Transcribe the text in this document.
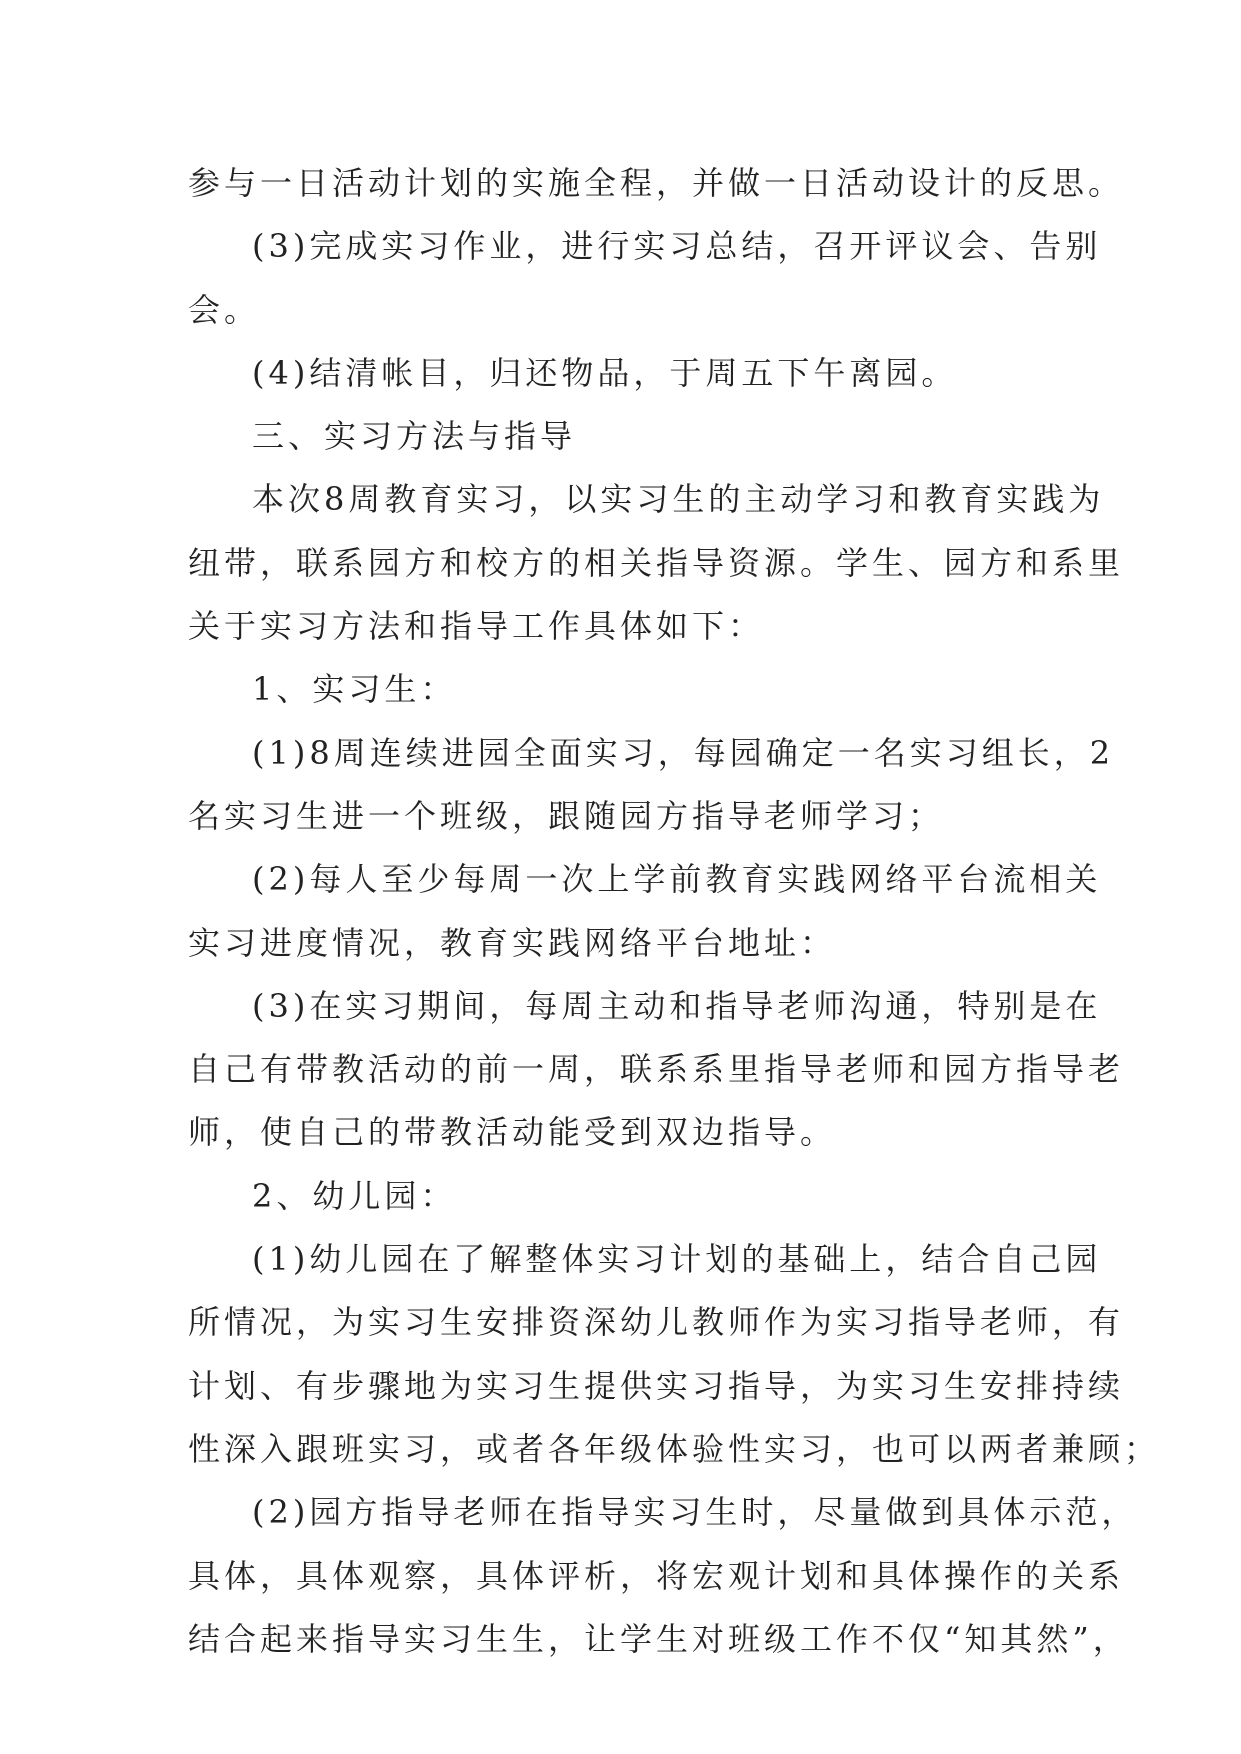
参与一日活动计划的实施全程，并做一日活动设计的反思。
(3)完成实习作业，进行实习总结，召开评议会、告别
会。
(4)结清帐目，归还物品，于周五下午离园。
三、实习方法与指导
本次8周教育实习，以实习生的主动学习和教育实践为
纽带，联系园方和校方的相关指导资源。学生、园方和系里
关于实习方法和指导工作具体如下：
1、实习生：
(1)8周连续进园全面实习，每园确定一名实习组长，2
名实习生进一个班级，跟随园方指导老师学习；
(2)每人至少每周一次上学前教育实践网络平台流相关
实习进度情况，教育实践网络平台地址：
(3)在实习期间，每周主动和指导老师沟通，特别是在
自己有带教活动的前一周，联系系里指导老师和园方指导老
师，使自己的带教活动能受到双边指导。
2、幼儿园：
(1)幼儿园在了解整体实习计划的基础上，结合自己园
所情况，为实习生安排资深幼儿教师作为实习指导老师，有
计划、有步骤地为实习生提供实习指导，为实习生安排持续
性深入跟班实习，或者各年级体验性实习，也可以两者兼顾；
(2)园方指导老师在指导实习生时，尽量做到具体示范，
具体，具体观察，具体评析，将宏观计划和具体操作的关系
结合起来指导实习生生，让学生对班级工作不仅“知其然”，
